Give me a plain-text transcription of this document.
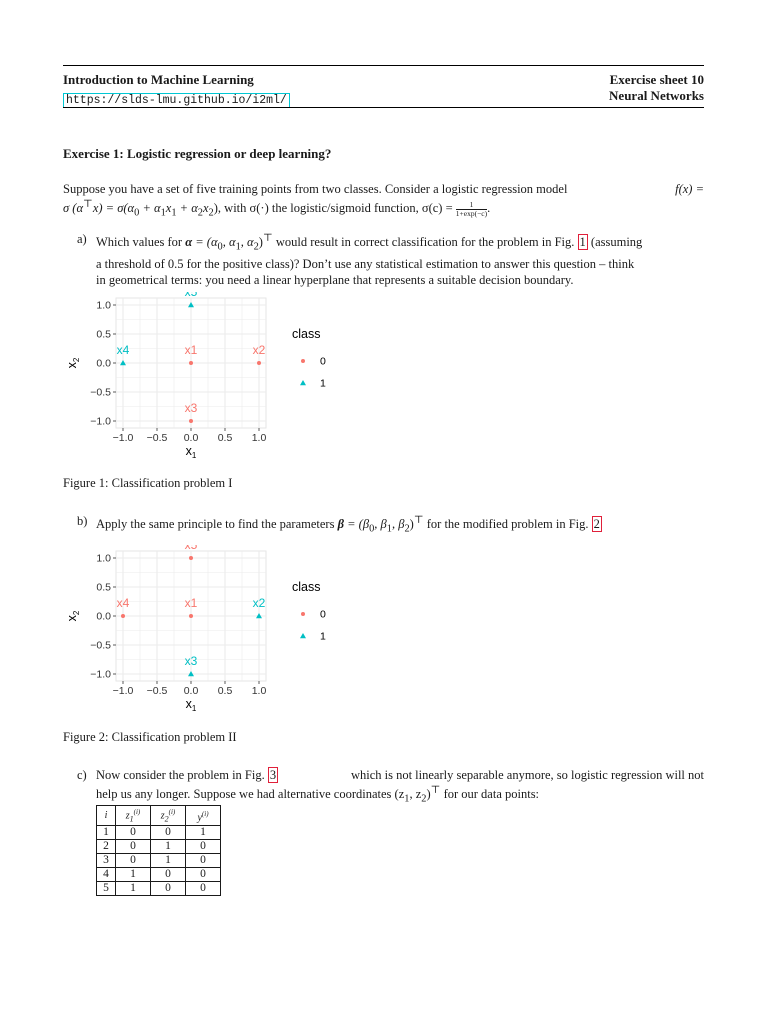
Introduction to Machine Learning
https://slds-lmu.github.io/i2ml/
Exercise sheet 10
Neural Networks
Exercise 1: Logistic regression or deep learning?
Suppose you have a set of five training points from two classes. Consider a logistic regression model	f(x) =
σ $(\alpha^⊤x) = \sigma(\alpha_0 + \alpha_1x_1 + \alpha_2x_2)$, with σ(·) the logistic/sigmoid function, $\sigma(c) = \frac{1}{1+\exp(-c)}$ .
a) Which values for $\alpha = (\alpha_0$, $\alpha_1$, $\alpha_2)^⊤$ would result in correct classification for the problem in Fig. 1 (assuming
a threshold of 0.5 for the positive class)? Don’t use any statistical estimation to answer this question – think
in geometrical terms: you need a linear hyperplane that represents a suitable decision boundary.
−1.0
−1.0
−0.5
−0.5
0.0
0.0
0.5
0.5
1.0
1.0
$x_1$
$x_2$
x1	x2
x3
x4
x5
class
0
1
Figure 1: Classification problem I
b) Apply the same principle to find the parameters $\beta = (\beta_0$, $\beta_1$, $\beta_2)^⊤$ for the modified problem in Fig. 2
−1.0
−1.0
−0.5
−0.5
0.0
0.0
0.5
0.5
1.0
1.0
$x_1$
$x_2$
x1	x2
x3
x4
x5
class
0
1
Figure 2: Classification problem II
c) Now consider the problem in Fig. 3	which is not linearly separable anymore, so logistic regression will not
help us any longer. Suppose we had alternative coordinates ($z_1$, $z_2)^⊤$ for our data points:
i	$z_1^{(i)}$	$z_2^{(i)}$	$y^{(i)}$
1	0	0	1
2	0	1	0
3	0	1	0
4	1	0	0
5	1	0	0
